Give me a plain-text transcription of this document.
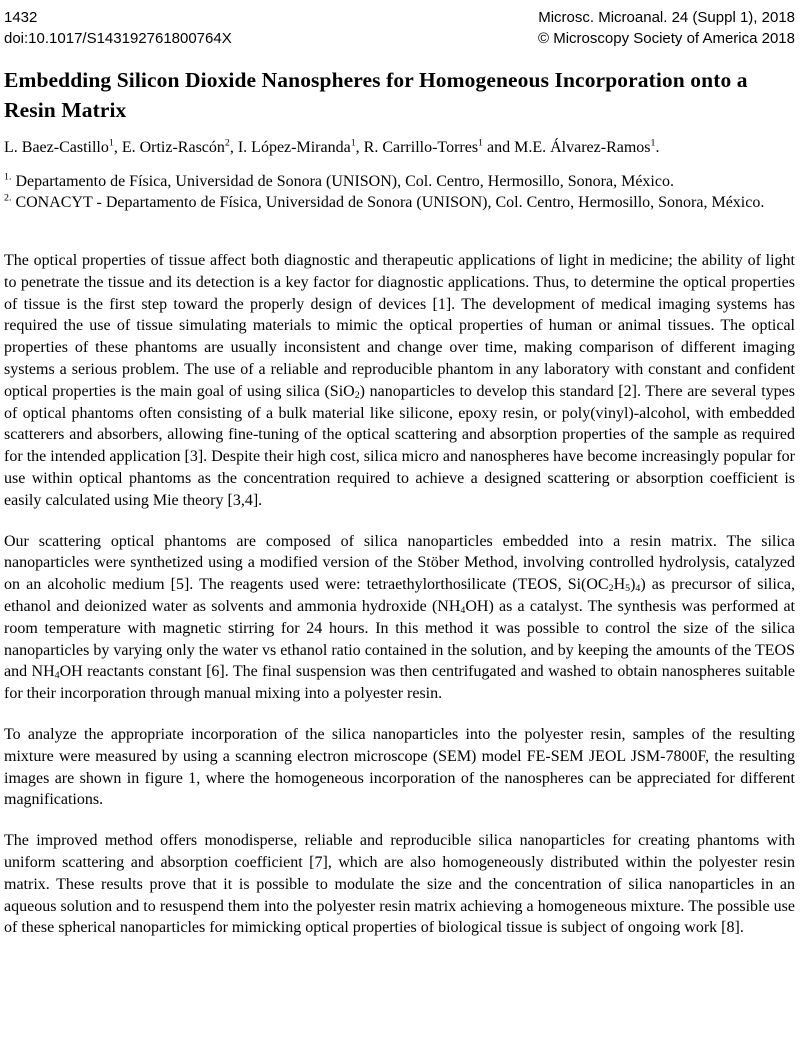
1432
doi:10.1017/S143192761800764X
Microsc. Microanal. 24 (Suppl 1), 2018
© Microscopy Society of America 2018
Embedding Silicon Dioxide Nanospheres for Homogeneous Incorporation onto a Resin Matrix
L. Baez-Castillo$^1$, E. Ortiz-Rascón$^2$, I. López-Miranda$^1$, R. Carrillo-Torres$^1$ and M.E. Álvarez-Ramos$^1$.
$^{1.}$ Departamento de Física, Universidad de Sonora (UNISON), Col. Centro, Hermosillo, Sonora, México.
$^{2.}$ CONACYT - Departamento de Física, Universidad de Sonora (UNISON), Col. Centro, Hermosillo, Sonora, México.

The optical properties of tissue affect both diagnostic and therapeutic applications of light in medicine; the ability of light to penetrate the tissue and its detection is a key factor for diagnostic applications. Thus, to determine the optical properties of tissue is the first step toward the properly design of devices [1]. The development of medical imaging systems has required the use of tissue simulating materials to mimic the optical properties of human or animal tissues. The optical properties of these phantoms are usually inconsistent and change over time, making comparison of different imaging systems a serious problem. The use of a reliable and reproducible phantom in any laboratory with constant and confident optical properties is the main goal of using silica (SiO$_2$) nanoparticles to develop this standard [2]. There are several types of optical phantoms often consisting of a bulk material like silicone, epoxy resin, or poly(vinyl)-alcohol, with embedded scatterers and absorbers, allowing fine-tuning of the optical scattering and absorption properties of the sample as required for the intended application [3]. Despite their high cost, silica micro and nanospheres have become increasingly popular for use within optical phantoms as the concentration required to achieve a designed scattering or absorption coefficient is easily calculated using Mie theory [3,4].

Our scattering optical phantoms are composed of silica nanoparticles embedded into a resin matrix. The silica nanoparticles were synthetized using a modified version of the Stöber Method, involving controlled hydrolysis, catalyzed on an alcoholic medium [5]. The reagents used were: tetraethylorthosilicate (TEOS, $Si(OC_2H_5)_4$) as precursor of silica, ethanol and deionized water as solvents and ammonia hydroxide $(NH_4OH)$ as a catalyst. The synthesis was performed at room temperature with magnetic stirring for 24 hours. In this method it was possible to control the size of the silica nanoparticles by varying only the water vs ethanol ratio contained in the solution, and by keeping the amounts of the TEOS and $NH_4OH$ reactants constant [6]. The final suspension was then centrifugated and washed to obtain nanospheres suitable for their incorporation through manual mixing into a polyester resin.

To analyze the appropriate incorporation of the silica nanoparticles into the polyester resin, samples of the resulting mixture were measured by using a scanning electron microscope (SEM) model FE-SEM JEOL JSM-7800F, the resulting images are shown in figure 1, where the homogeneous incorporation of the nanospheres can be appreciated for different magnifications.

The improved method offers monodisperse, reliable and reproducible silica nanoparticles for creating phantoms with uniform scattering and absorption coefficient [7], which are also homogeneously distributed within the polyester resin matrix. These results prove that it is possible to modulate the size and the concentration of silica nanoparticles in an aqueous solution and to resuspend them into the polyester resin matrix achieving a homogeneous mixture. The possible use of these spherical nanoparticles for mimicking optical properties of biological tissue is subject of ongoing work [8].
